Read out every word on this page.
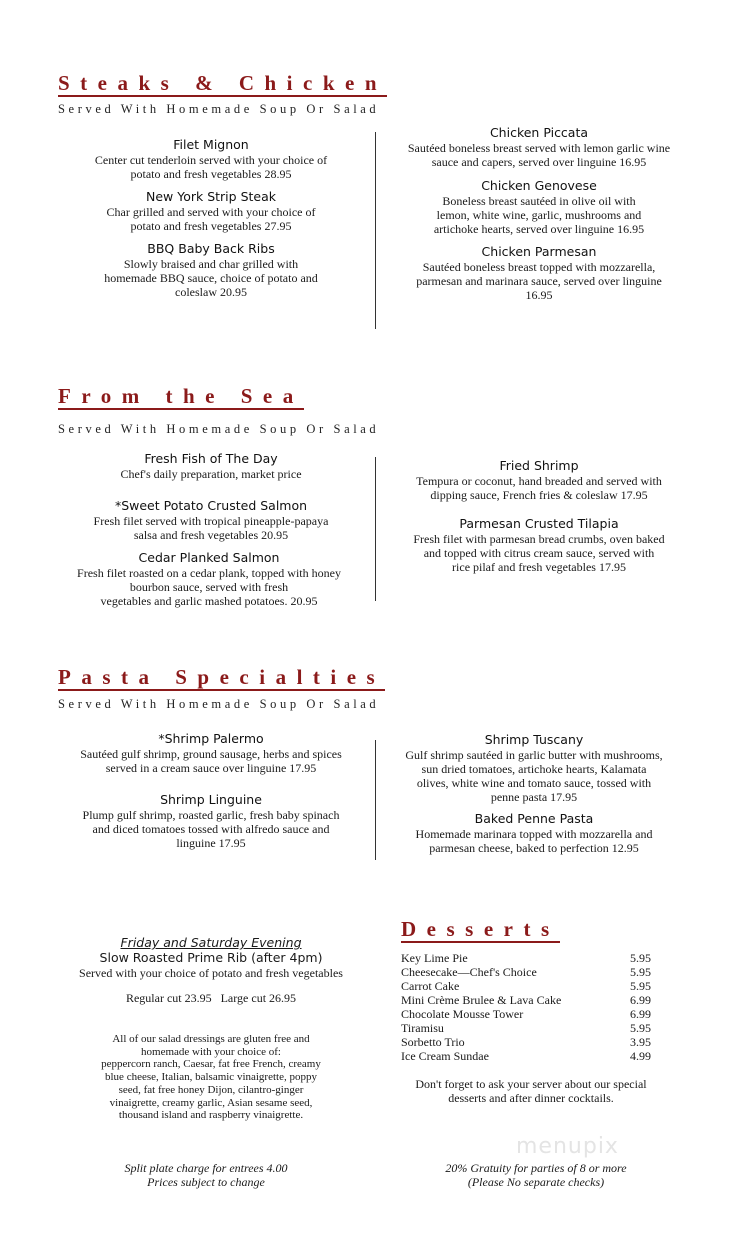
Steaks & Chicken
Served With Homemade Soup Or Salad
Filet Mignon
Center cut tenderloin served with your choice of
potato and fresh vegetables 28.95
New York Strip Steak
Char grilled and served with your choice of
potato and fresh vegetables 27.95
BBQ Baby Back Ribs
Slowly braised and char grilled with
homemade BBQ sauce, choice of potato and
coleslaw 20.95
Chicken Piccata
Sautéed boneless breast served with lemon garlic wine
sauce and capers, served over linguine 16.95
Chicken Genovese
Boneless breast sautéed in olive oil with
lemon, white wine, garlic, mushrooms and
artichoke hearts, served over linguine 16.95
Chicken Parmesan
Sautéed boneless breast topped with mozzarella,
parmesan and marinara sauce, served over linguine
16.95
From the Sea
Served With Homemade Soup Or Salad
Fresh Fish of The Day
Chef's daily preparation, market price
*Sweet Potato Crusted Salmon
Fresh filet served with tropical pineapple-papaya
salsa and fresh vegetables 20.95
Cedar Planked Salmon
Fresh filet roasted on a cedar plank, topped with honey
bourbon sauce, served with fresh
vegetables and garlic mashed potatoes. 20.95
Fried Shrimp
Tempura or coconut, hand breaded and served with
dipping sauce, French fries & coleslaw 17.95
Parmesan Crusted Tilapia
Fresh filet with parmesan bread crumbs, oven baked
and topped with citrus cream sauce, served with
rice pilaf and fresh vegetables 17.95
Pasta Specialties
Served With Homemade Soup Or Salad
*Shrimp Palermo
Sautéed gulf shrimp, ground sausage, herbs and spices
served in a cream sauce over linguine 17.95
Shrimp Linguine
Plump gulf shrimp, roasted garlic, fresh baby spinach
and diced tomatoes tossed with alfredo sauce and
linguine 17.95
Shrimp Tuscany
Gulf shrimp sautéed in garlic butter with mushrooms,
sun dried tomatoes, artichoke hearts, Kalamata
olives, white wine and tomato sauce, tossed with
penne pasta 17.95
Baked Penne Pasta
Homemade marinara topped with mozzarella and
parmesan cheese, baked to perfection 12.95
Friday and Saturday Evening
Slow Roasted Prime Rib (after 4pm)
Served with your choice of potato and fresh vegetables
Regular cut 23.95   Large cut 26.95
All of our salad dressings are gluten free and
homemade with your choice of:
peppercorn ranch, Caesar, fat free French, creamy
blue cheese, Italian, balsamic vinaigrette, poppy
seed, fat free honey Dijon, cilantro-ginger
vinaigrette, creamy garlic, Asian sesame seed,
thousand island and raspberry vinaigrette.
Desserts
Key Lime Pie	5.95
Cheesecake—Chef's Choice	5.95
Carrot Cake	5.95
Mini Crème Brulee & Lava Cake	6.99
Chocolate Mousse Tower	6.99
Tiramisu	5.95
Sorbetto Trio	3.95
Ice Cream Sundae	4.99
Don't forget to ask your server about our special
desserts and after dinner cocktails.
Split plate charge for entrees 4.00
Prices subject to change
20% Gratuity for parties of 8 or more
(Please No separate checks)
menupix
